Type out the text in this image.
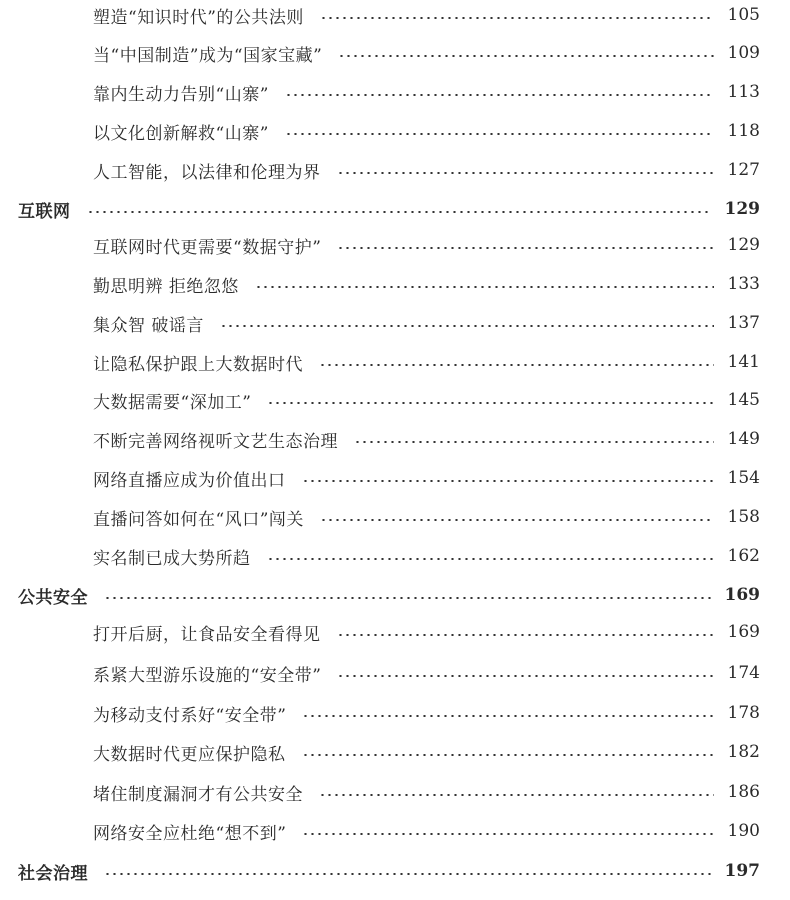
塑造“知识时代”的公共法则	105
当“中国制造”成为“国家宝藏”	109
靠内生动力告别“山寨”	113
以文化创新解救“山寨”	118
人工智能，以法律和伦理为界	127
互联网	129
互联网时代更需要“数据守护”	129
勤思明辨 拒绝忽悠	133
集众智 破谣言	137
让隐私保护跟上大数据时代	141
大数据需要“深加工”	145
不断完善网络视听文艺生态治理	149
网络直播应成为价值出口	154
直播问答如何在“风口”闯关	158
实名制已成大势所趋	162
公共安全	169
打开后厨，让食品安全看得见	169
系紧大型游乐设施的“安全带”	174
为移动支付系好“安全带”	178
大数据时代更应保护隐私	182
堵住制度漏洞才有公共安全	186
网络安全应杜绝“想不到”	190
社会治理	197
